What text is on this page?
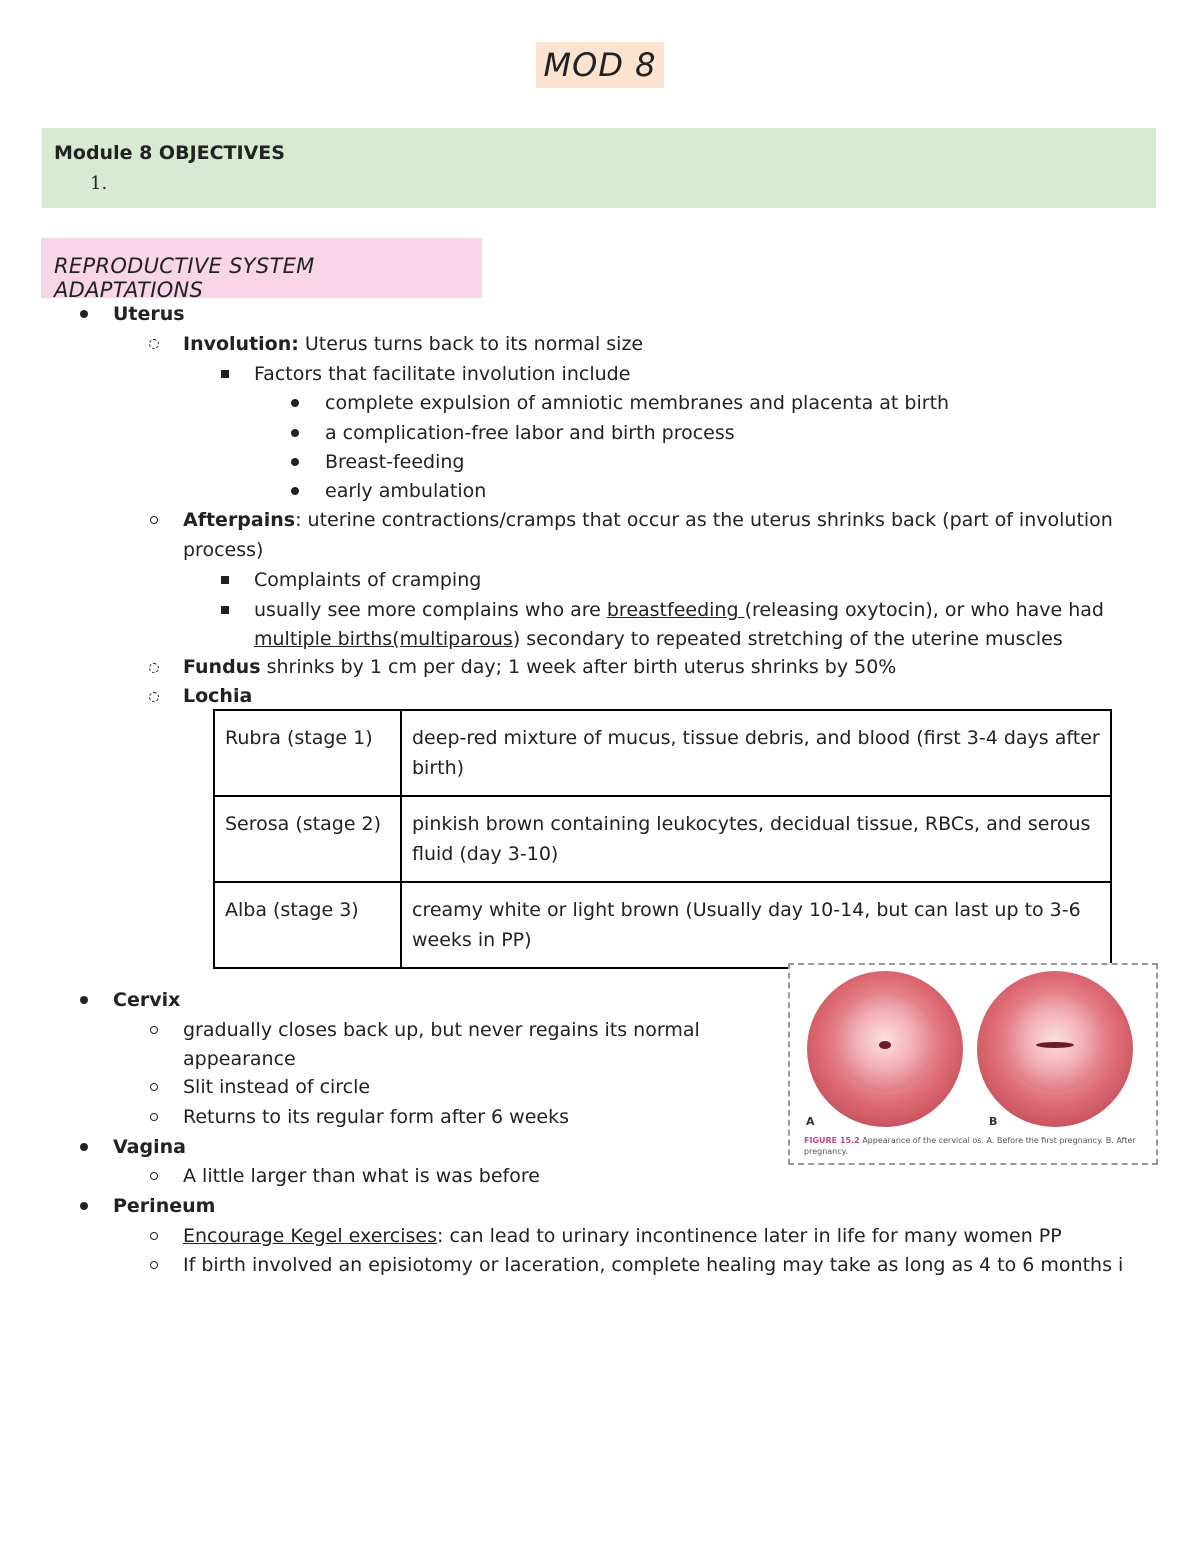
MOD 8
Module 8 OBJECTIVES
1.
REPRODUCTIVE SYSTEM ADAPTATIONS
Uterus
Involution: Uterus turns back to its normal size
Factors that facilitate involution include
complete expulsion of amniotic membranes and placenta at birth
a complication-free labor and birth process
Breast-feeding
early ambulation
Afterpains: uterine contractions/cramps that occur as the uterus shrinks back (part of involution
process)
Complaints of cramping
usually see more complains who are breastfeeding (releasing oxytocin), or who have had
multiple births(multiparous) secondary to repeated stretching of the uterine muscles
Fundus shrinks by 1 cm per day; 1 week after birth uterus shrinks by 50%
Lochia
Rubra (stage 1)	deep-red mixture of mucus, tissue debris, and blood (first 3-4 days after birth)
Serosa (stage 2)	pinkish brown containing leukocytes, decidual tissue, RBCs, and serous fluid (day 3-10)
Alba (stage 3)	creamy white or light brown (Usually day 10-14, but can last up to 3-6 weeks in PP)
Cervix
gradually closes back up, but never regains its normal
appearance
Slit instead of circle
Returns to its regular form after 6 weeks
Vagina
A little larger than what is was before
Perineum
Encourage Kegel exercises: can lead to urinary incontinence later in life for many women PP
If birth involved an episiotomy or laceration, complete healing may take as long as 4 to 6 months i
A	B
FIGURE 15.2 Appearance of the cervical os. A. Before the first pregnancy. B. After pregnancy.
